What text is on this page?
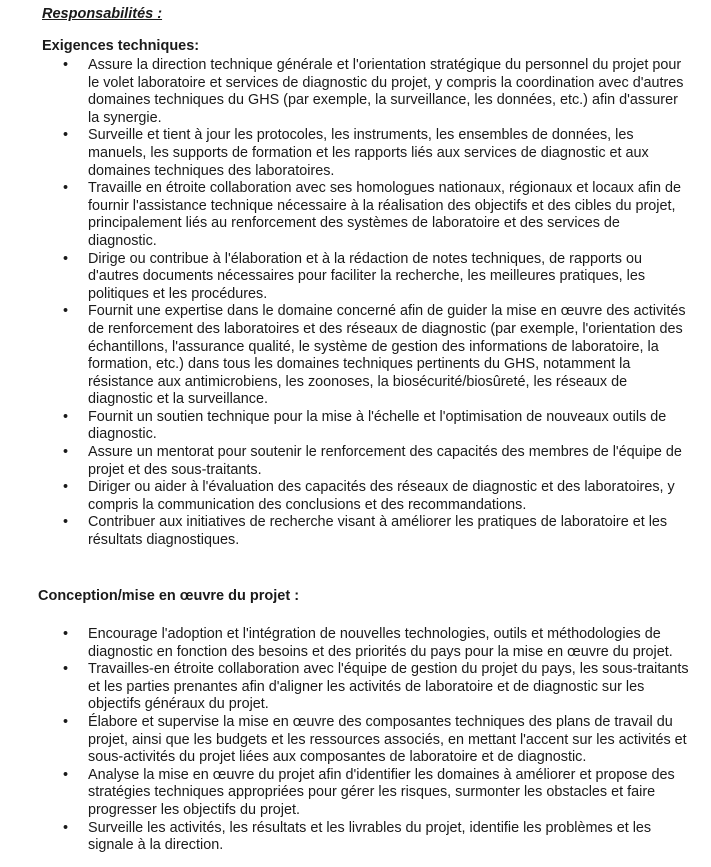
Responsabilités :
Exigences techniques:
• Assure la direction technique générale et l'orientation stratégique du personnel du projet pour le volet laboratoire et services de diagnostic du projet, y compris la coordination avec d'autres domaines techniques du GHS (par exemple, la surveillance, les données, etc.) afin d'assurer la synergie.
• Surveille et tient à jour les protocoles, les instruments, les ensembles de données, les manuels, les supports de formation et les rapports liés aux services de diagnostic et aux domaines techniques des laboratoires.
• Travaille en étroite collaboration avec ses homologues nationaux, régionaux et locaux afin de fournir l'assistance technique nécessaire à la réalisation des objectifs et des cibles du projet, principalement liés au renforcement des systèmes de laboratoire et des services de diagnostic.
• Dirige ou contribue à l'élaboration et à la rédaction de notes techniques, de rapports ou d'autres documents nécessaires pour faciliter la recherche, les meilleures pratiques, les politiques et les procédures.
• Fournit une expertise dans le domaine concerné afin de guider la mise en œuvre des activités de renforcement des laboratoires et des réseaux de diagnostic (par exemple, l'orientation des échantillons, l'assurance qualité, le système de gestion des informations de laboratoire, la formation, etc.) dans tous les domaines techniques pertinents du GHS, notamment la résistance aux antimicrobiens, les zoonoses, la biosécurité/biosûreté, les réseaux de diagnostic et la surveillance.
• Fournit un soutien technique pour la mise à l'échelle et l'optimisation de nouveaux outils de diagnostic.
• Assure un mentorat pour soutenir le renforcement des capacités des membres de l'équipe de projet et des sous-traitants.
• Diriger ou aider à l'évaluation des capacités des réseaux de diagnostic et des laboratoires, y compris la communication des conclusions et des recommandations.
• Contribuer aux initiatives de recherche visant à améliorer les pratiques de laboratoire et les résultats diagnostiques.
Conception/mise en œuvre du projet :
• Encourage l'adoption et l'intégration de nouvelles technologies, outils et méthodologies de diagnostic en fonction des besoins et des priorités du pays pour la mise en œuvre du projet.
• Travailles-en étroite collaboration avec l'équipe de gestion du projet du pays, les sous-traitants et les parties prenantes afin d'aligner les activités de laboratoire et de diagnostic sur les objectifs généraux du projet.
• Élabore et supervise la mise en œuvre des composantes techniques des plans de travail du projet, ainsi que les budgets et les ressources associés, en mettant l'accent sur les activités et sous-activités du projet liées aux composantes de laboratoire et de diagnostic.
• Analyse la mise en œuvre du projet afin d'identifier les domaines à améliorer et propose des stratégies techniques appropriées pour gérer les risques, surmonter les obstacles et faire progresser les objectifs du projet.
• Surveille les activités, les résultats et les livrables du projet, identifie les problèmes et les signale à la direction.
